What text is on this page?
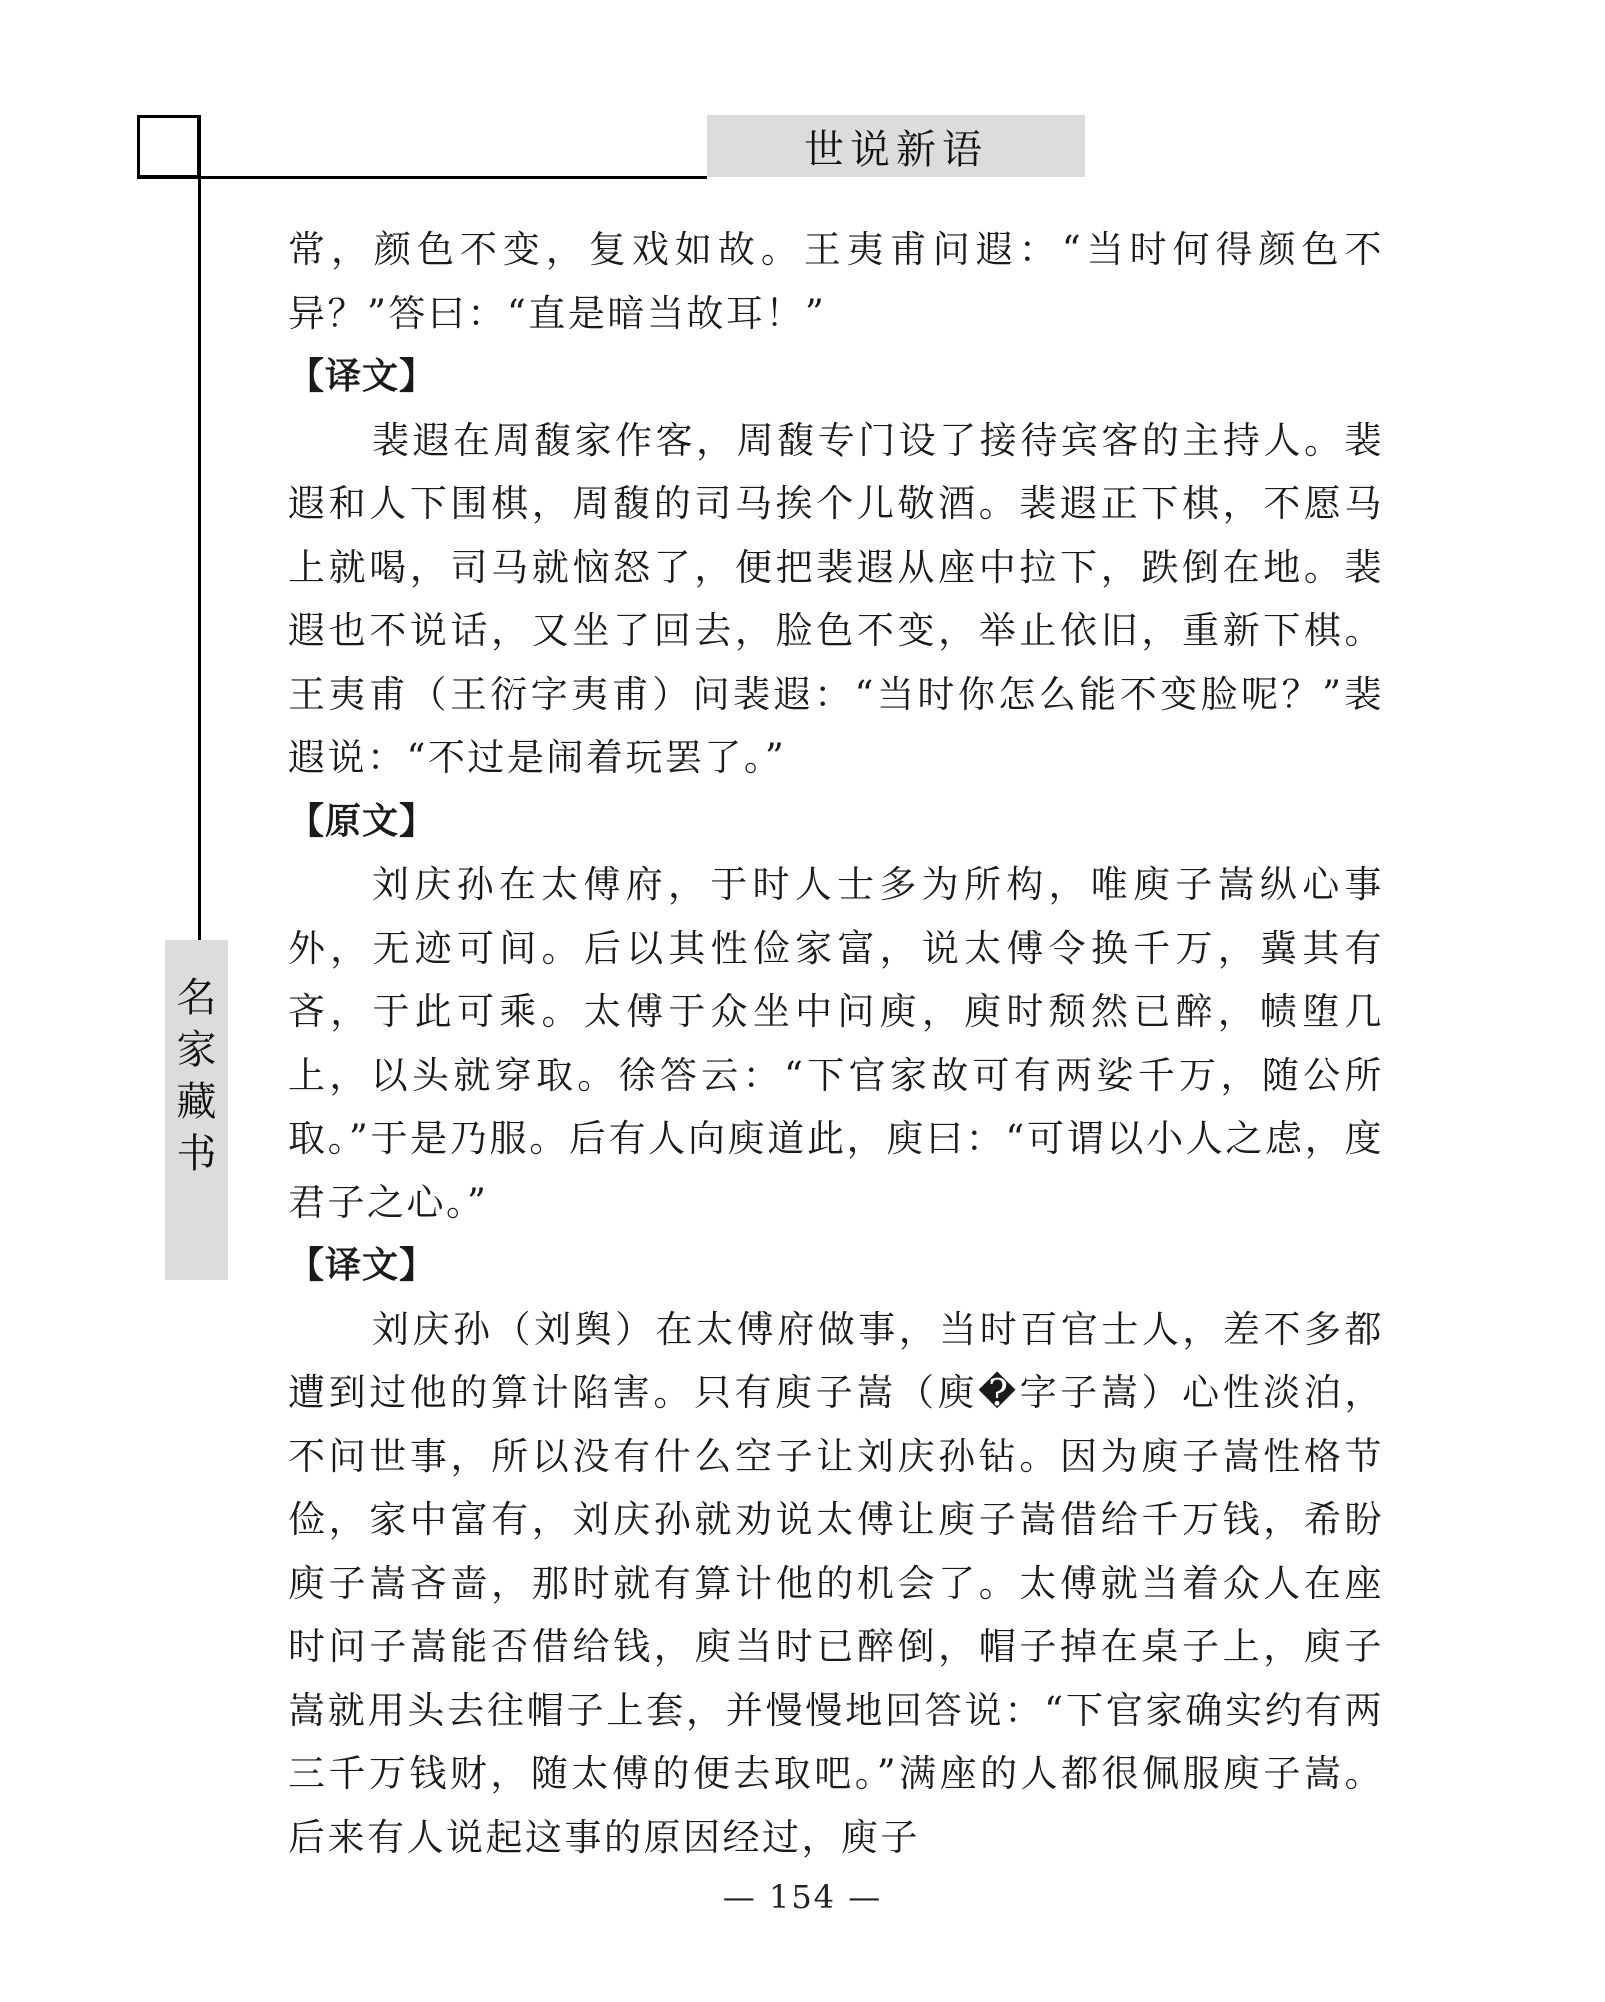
世说新语
名
家
藏
书

常，颜色不变，复戏如故。王夷甫问遐：“当时何得颜色不异？”答曰：“直是暗当故耳！”

【译文】

裴遐在周馥家作客，周馥专门设了接待宾客的主持人。裴遐和人下围棋，周馥的司马挨个儿敬酒。裴遐正下棋，不愿马上就喝，司马就恼怒了，便把裴遐从座中拉下，跌倒在地。裴遐也不说话，又坐了回去，脸色不变，举止依旧，重新下棋。王夷甫（王衍字夷甫）问裴遐：“当时你怎么能不变脸呢？”裴遐说：“不过是闹着玩罢了。”

【原文】

刘庆孙在太傅府，于时人士多为所构，唯庾子嵩纵心事外，无迹可间。后以其性俭家富，说太傅令换千万，冀其有吝，于此可乘。太傅于众坐中问庾，庾时颓然已醉，帻堕几上，以头就穿取。徐答云：“下官家故可有两娑千万，随公所取。”于是乃服。后有人向庾道此，庾曰：“可谓以小人之虑，度君子之心。”

【译文】

刘庆孙（刘舆）在太傅府做事，当时百官士人，差不多都遭到过他的算计陷害。只有庾子嵩（庾�字子嵩）心性淡泊，不问世事，所以没有什么空子让刘庆孙钻。因为庾子嵩性格节俭，家中富有，刘庆孙就劝说太傅让庾子嵩借给千万钱，希盼庾子嵩吝啬，那时就有算计他的机会了。太傅就当着众人在座时问子嵩能否借给钱，庾当时已醉倒，帽子掉在桌子上，庾子嵩就用头去往帽子上套，并慢慢地回答说：“下官家确实约有两三千万钱财，随太傅的便去取吧。”满座的人都很佩服庾子嵩。后来有人说起这事的原因经过，庾子

— 154 —
